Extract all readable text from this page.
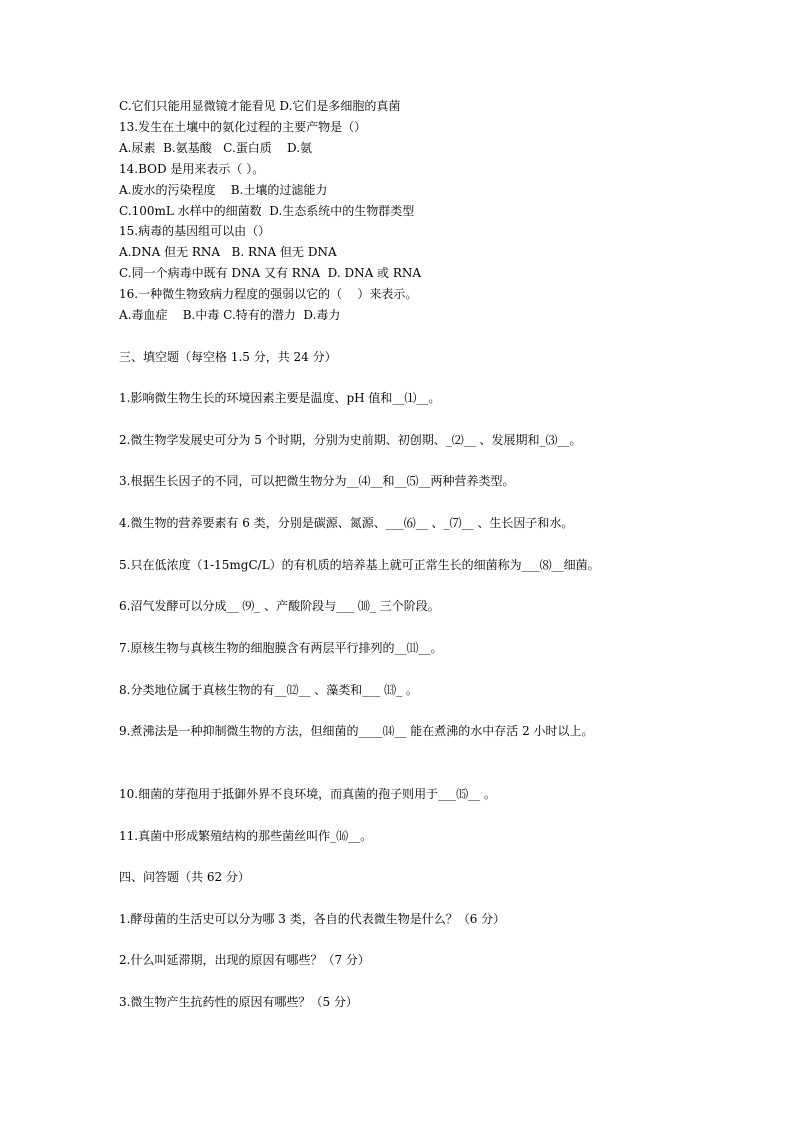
C.它们只能用显微镜才能看见 D.它们是多细胞的真菌
13.发生在土壤中的氨化过程的主要产物是（）
A.尿素  B.氨基酸   C.蛋白质    D.氨
14.BOD 是用来表示（ ）。
A.废水的污染程度    B.土壤的过滤能力
C.100mL 水样中的细菌数  D.生态系统中的生物群类型
15.病毒的基因组可以由（）
A.DNA 但无 RNA   B. RNA 但无 DNA
C.同一个病毒中既有 DNA 又有 RNA  D. DNA 或 RNA
16.一种微生物致病力程度的强弱以它的（    ）来表示。
A.毒血症    B.中毒 C.特有的潜力  D.毒力
三、填空题（每空格 1.5 分，共 24 分）
1.影响微生物生长的环境因素主要是温度、pH 值和__⑴__。
2.微生物学发展史可分为 5 个时期，分别为史前期、初创期、_⑵__ 、发展期和_⑶__。
3.根据生长因子的不同，可以把微生物分为__⑷__和__⑸__两种营养类型。
4.微生物的营养要素有 6 类，分别是碳源、氮源、___⑹__ 、_⑺__ 、生长因子和水。
5.只在低浓度（1-15mgC/L）的有机质的培养基上就可正常生长的细菌称为___⑻__细菌。
6.沼气发酵可以分成__ ⑼_ 、产酸阶段与___ ⑽_ 三个阶段。
7.原核生物与真核生物的细胞膜含有两层平行排列的__⑾__。
8.分类地位属于真核生物的有__⑿__ 、藻类和___ ⒀_ 。
9.煮沸法是一种抑制微生物的方法，但细菌的____⒁__ 能在煮沸的水中存活 2 小时以上。
10.细菌的芽孢用于抵御外界不良环境，而真菌的孢子则用于___⒂__ 。
11.真菌中形成繁殖结构的那些菌丝叫作_⒃__。
四、问答题（共 62 分）
1.酵母菌的生活史可以分为哪 3 类，各自的代表微生物是什么？（6 分）
2.什么叫延滞期，出现的原因有哪些？（7 分）
3.微生物产生抗药性的原因有哪些？（5 分）
